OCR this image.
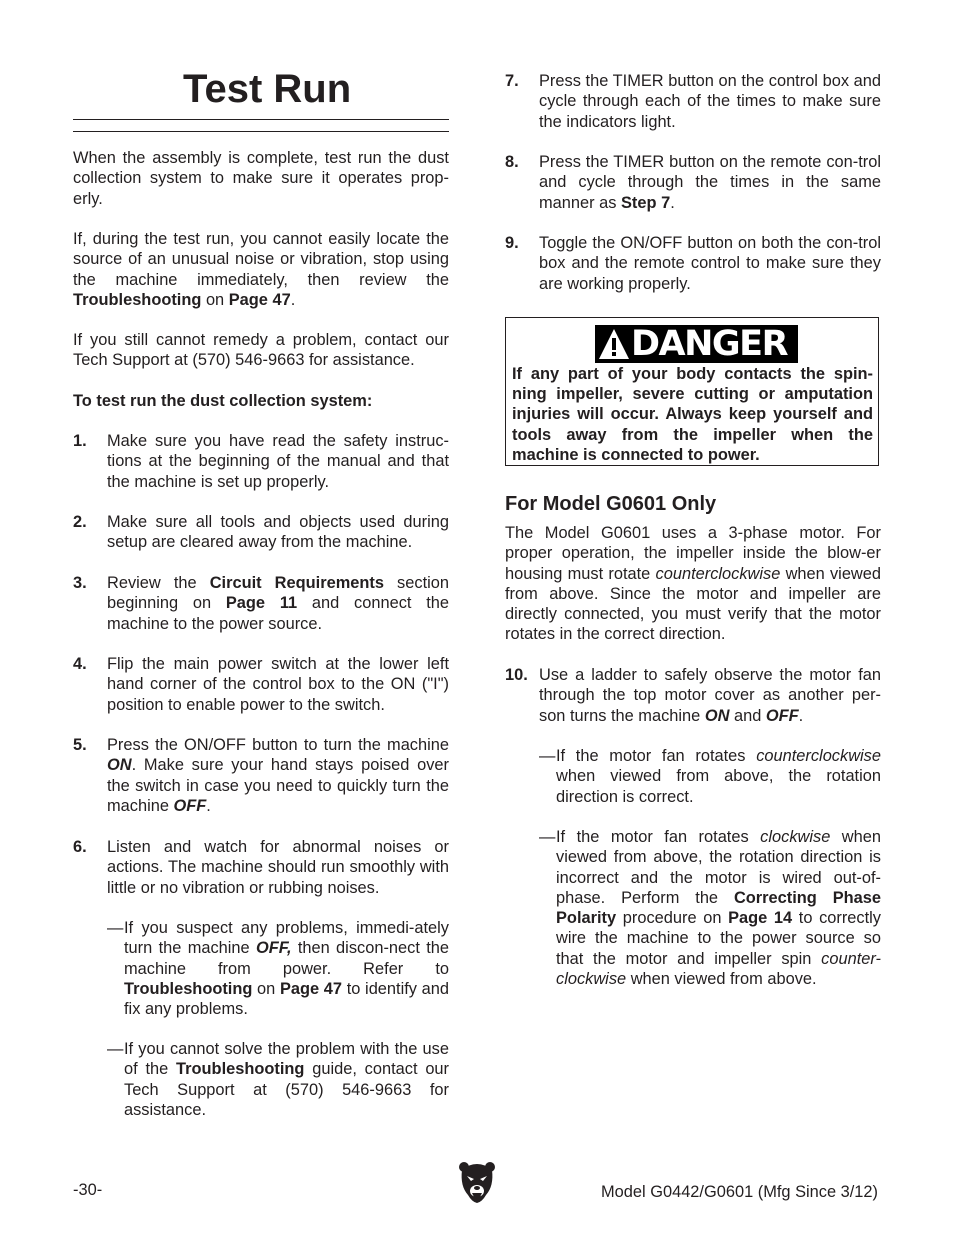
Test Run

When the assembly is complete, test run the dust collection system to make sure it operates prop-erly.

If, during the test run, you cannot easily locate the source of an unusual noise or vibration, stop using the machine immediately, then review the Troubleshooting on Page 47.

If you still cannot remedy a problem, contact our Tech Support at (570) 546-9663 for assistance.

To test run the dust collection system:

1. Make sure you have read the safety instruc-tions at the beginning of the manual and that the machine is set up properly.
2. Make sure all tools and objects used during setup are cleared away from the machine.
3. Review the Circuit Requirements section beginning on Page 11 and connect the machine to the power source.
4. Flip the main power switch at the lower left hand corner of the control box to the ON ("I") position to enable power to the switch.
5. Press the ON/OFF button to turn the machine ON. Make sure your hand stays poised over the switch in case you need to quickly turn the machine OFF.
6. Listen and watch for abnormal noises or actions. The machine should run smoothly with little or no vibration or rubbing noises.
— If you suspect any problems, immedi-ately turn the machine OFF, then discon-nect the machine from power. Refer to Troubleshooting on Page 47 to identify and fix any problems.
— If you cannot solve the problem with the use of the Troubleshooting guide, contact our Tech Support at (570) 546-9663 for assistance.
7. Press the TIMER button on the control box and cycle through each of the times to make sure the indicators light.
8. Press the TIMER button on the remote con-trol and cycle through the times in the same manner as Step 7.
9. Toggle the ON/OFF button on both the con-trol box and the remote control to make sure they are working properly.

The Model G0601 uses a 3-phase motor. For proper operation, the impeller inside the blow-er housing must rotate counterclockwise when viewed from above. Since the motor and impeller are directly connected, you must verify that the motor rotates in the correct direction.

10. Use a ladder to safely observe the motor fan through the top motor cover as another per-son turns the machine ON and OFF.
— If the motor fan rotates counterclockwise when viewed from above, the rotation direction is correct.
— If the motor fan rotates clockwise when viewed from above, the rotation direction is incorrect and the motor is wired out-of-phase. Perform the Correcting Phase Polarity procedure on Page 14 to correctly wire the machine to the power source so that the motor and impeller spin counter-clockwise when viewed from above.
DANGER
If any part of your body contacts the spin-ning impeller, severe cutting or amputation injuries will occur. Always keep yourself and tools away from the impeller when the machine is connected to power.
For Model G0601 Only
-30-	Model G0442/G0601 (Mfg Since 3/12)
